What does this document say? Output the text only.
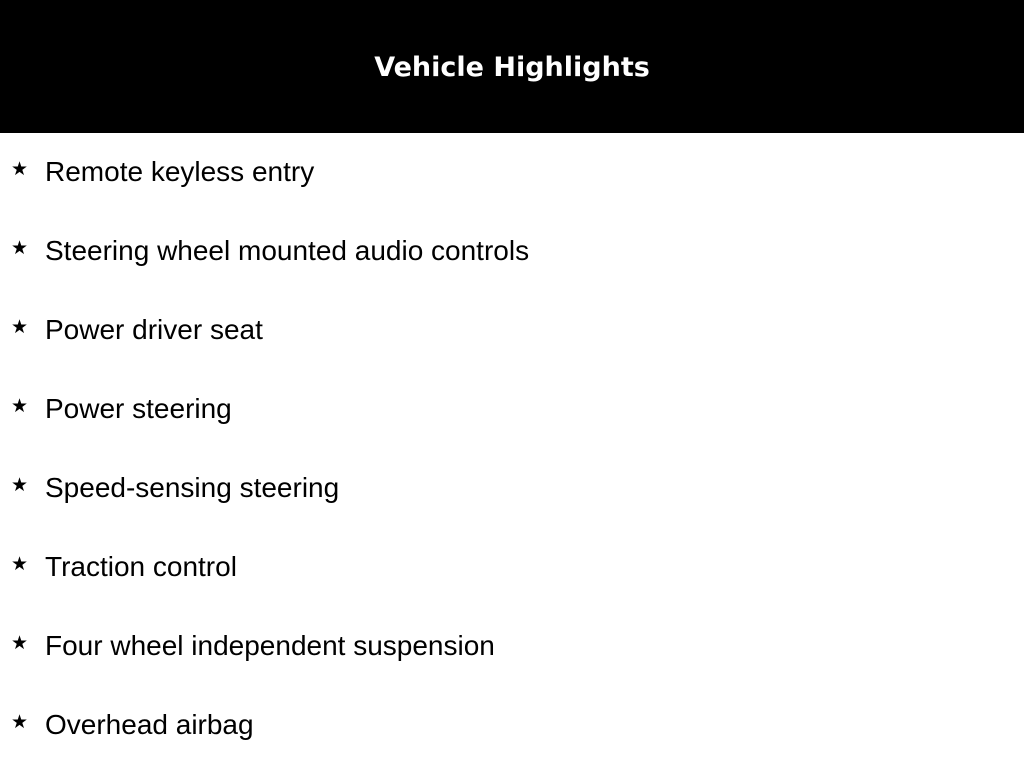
Vehicle Highlights
★ Remote keyless entry
★ Steering wheel mounted audio controls
★ Power driver seat
★ Power steering
★ Speed-sensing steering
★ Traction control
★ Four wheel independent suspension
★ Overhead airbag
